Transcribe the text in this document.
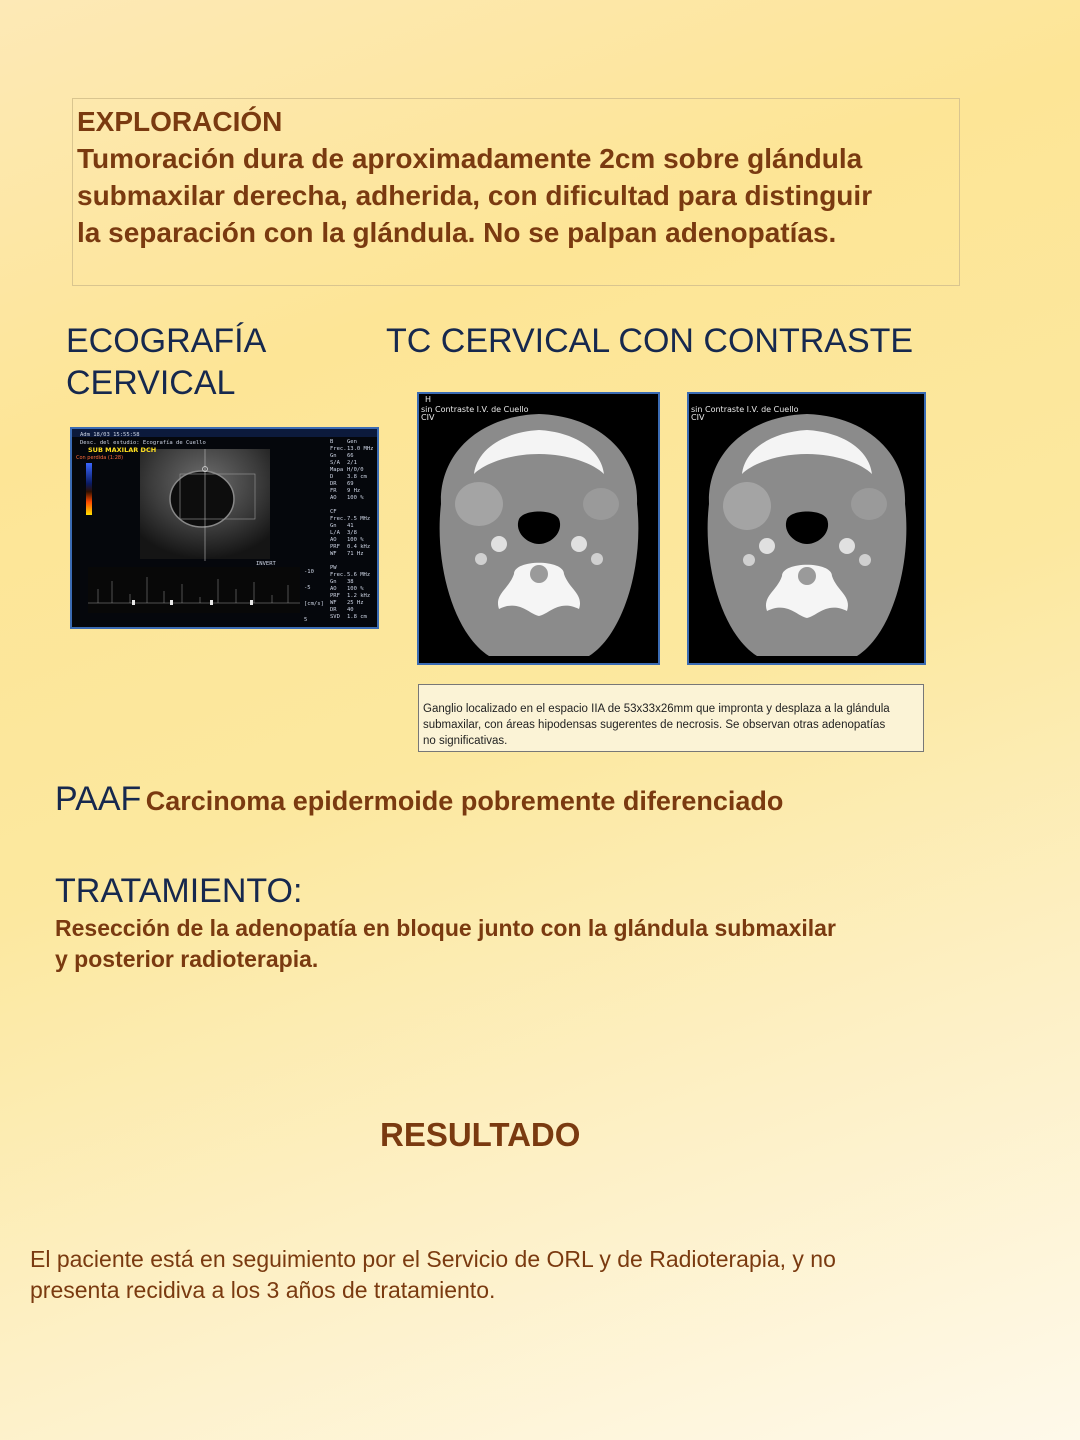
EXPLORACIÓN
Tumoración dura de aproximadamente 2cm sobre glándula
submaxilar derecha, adherida, con dificultad para distinguir
la separación con la glándula. No se palpan adenopatías.
ECOGRAFÍA
CERVICAL
TC CERVICAL CON CONTRASTE
Adm 18/03 15:55:58
Desc. del estudio: Ecografía de Cuello
SUB MAXILAR DCH
Con perdida (1:28)
B Gen
Frec. 13.0 MHz
Gn 66
S/A 2/1
Mapa H/0/0
D 3.8 cm
DR 69
FR 9 Hz
AO 100 %
CF
Frec. 7.5 MHz
Gn 41
L/A 3/8
AO 100 %
PRF 0.4 kHz
WF 71 Hz
PW
Frec. 5.6 MHz
Gn 38
AO 100 %
PRF 1.2 kHz
WF 25 Hz
DR 40
SVD 1.8 cm
INVERT
-10
-5
[cm/s]
5
H
sin Contraste I.V. de Cuello
CIV
sin Contraste I.V. de Cuello
CIV
Ganglio localizado en el espacio IIA de 53x33x26mm que impronta y desplaza a la glándula
submaxilar, con áreas hipodensas sugerentes de necrosis. Se observan otras adenopatías
no significativas.
PAAF Carcinoma epidermoide pobremente diferenciado
TRATAMIENTO:
Resección de la adenopatía en bloque junto con la glándula submaxilar
y posterior radioterapia.
RESULTADO
El paciente está en seguimiento por el Servicio de ORL y de Radioterapia, y no
presenta recidiva a los 3 años de tratamiento.
